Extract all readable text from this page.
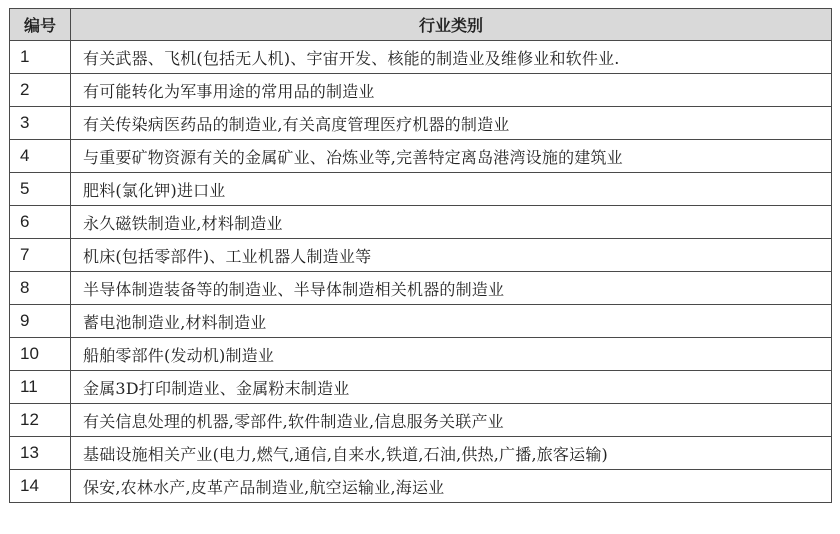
编号	行业类别
1	有关武器、飞机(包括无人机)、宇宙开发、核能的制造业及维修业和软件业.
2	有可能转化为军事用途的常用品的制造业
3	有关传染病医药品的制造业,有关高度管理医疗机器的制造业
4	与重要矿物资源有关的金属矿业、冶炼业等,完善特定离岛港湾设施的建筑业
5	肥料(氯化钾)进口业
6	永久磁铁制造业,材料制造业
7	机床(包括零部件)、工业机器人制造业等
8	半导体制造装备等的制造业、半导体制造相关机器的制造业
9	蓄电池制造业,材料制造业
10	船舶零部件(发动机)制造业
11	金属3D打印制造业、金属粉末制造业
12	有关信息处理的机器,零部件,软件制造业,信息服务关联产业
13	基础设施相关产业(电力,燃气,通信,自来水,铁道,石油,供热,广播,旅客运输)
14	保安,农林水产,皮革产品制造业,航空运输业,海运业
